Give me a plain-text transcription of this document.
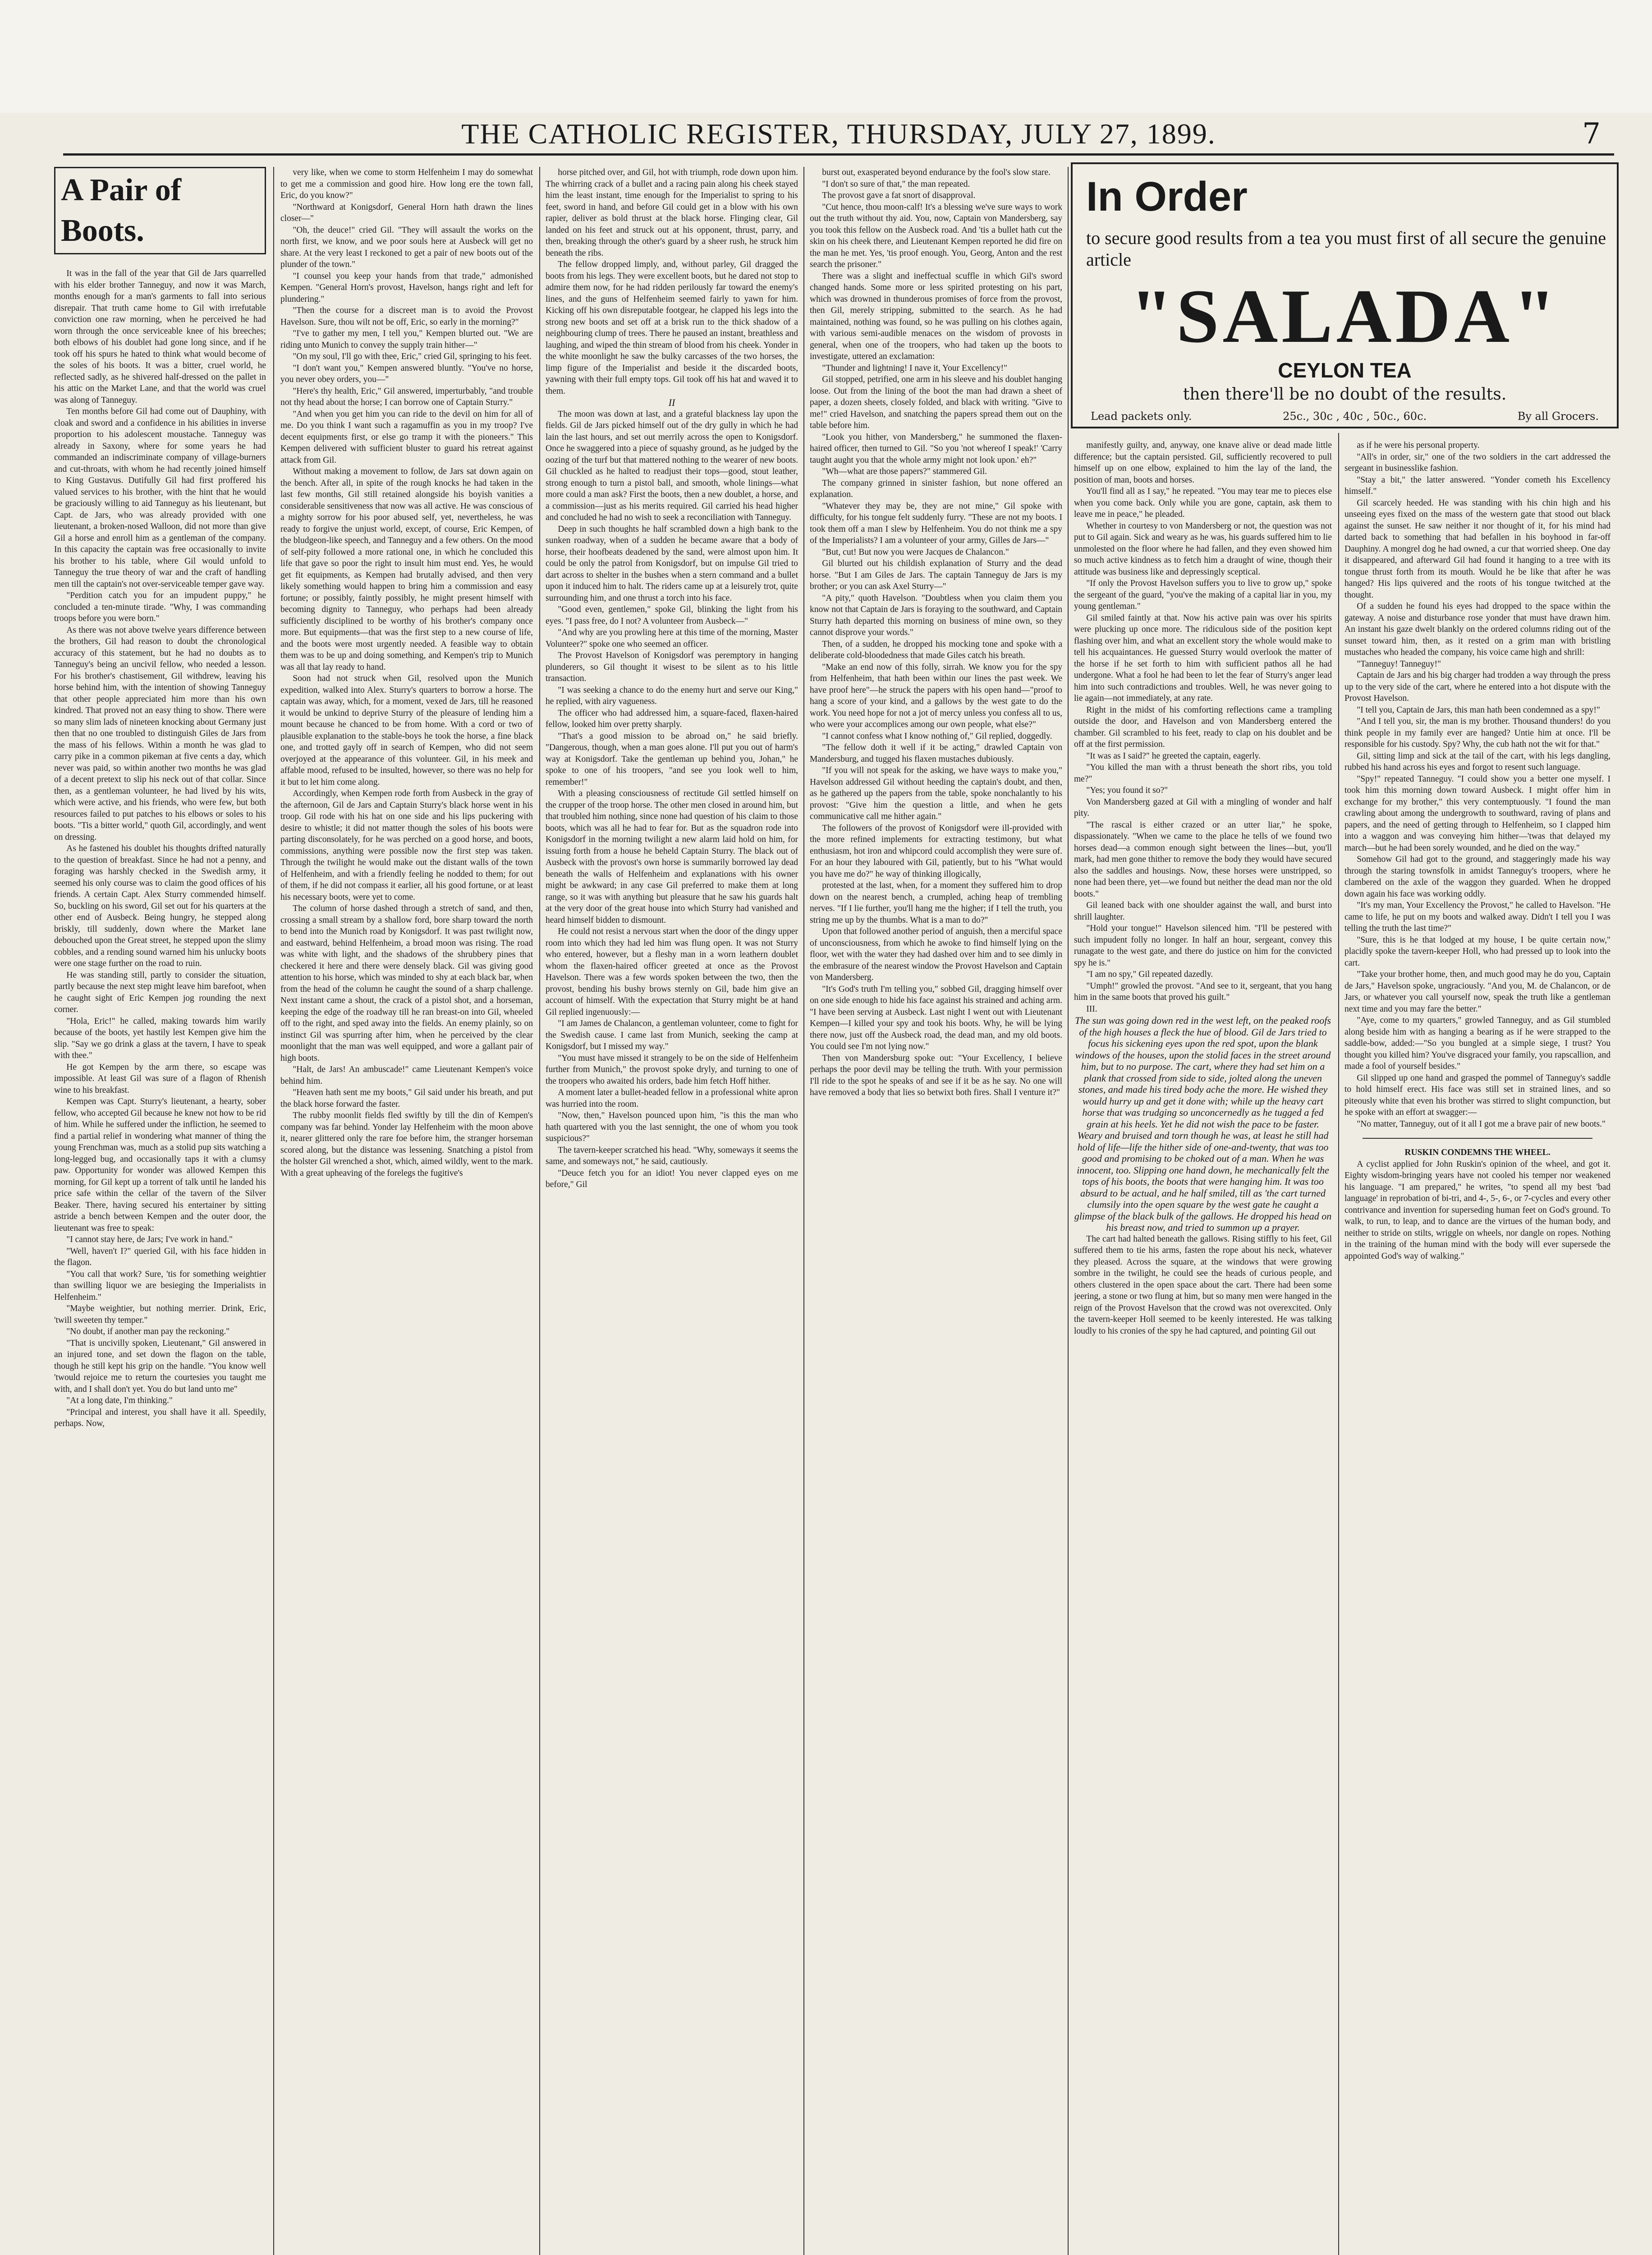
THE CATHOLIC REGISTER, THURSDAY, JULY 27, 1899.	7
A Pair of Boots.

It was in the fall of the year that Gil de Jars quarrelled with his elder brother Tanneguy, and now it was March, months enough for a man's garments to fall into serious disrepair. That truth came home to Gil with irrefutable conviction one raw morning, when he perceived he had worn through the once serviceable knee of his breeches; both elbows of his doublet had gone long since, and if he took off his spurs he hated to think what would become of the soles of his boots. It was a bitter, cruel world, he reflected sadly, as he shivered half-dressed on the pallet in his attic on the Market Lane, and that the world was cruel was along of Tanneguy.

Ten months before Gil had come out of Dauphiny, with cloak and sword and a confidence in his abilities in inverse proportion to his adolescent moustache. Tanneguy was already in Saxony, where for some years he had commanded an indiscriminate company of village-burners and cut-throats, with whom he had recently joined himself to King Gustavus. Dutifully Gil had first proffered his valued services to his brother, with the hint that he would be graciously willing to aid Tanneguy as his lieutenant, but Capt. de Jars, who was already provided with one lieutenant, a broken-nosed Walloon, did not more than give Gil a horse and enroll him as a gentleman of the company. In this capacity the captain was free occasionally to invite his brother to his table, where Gil would unfold to Tanneguy the true theory of war and the craft of handling men till the captain's not over-serviceable temper gave way.

"Perdition catch you for an impudent puppy," he concluded a ten-minute tirade. "Why, I was commanding troops before you were born."

As there was not above twelve years difference between the brothers, Gil had reason to doubt the chronological accuracy of this statement, but he had no doubts as to Tanneguy's being an uncivil fellow, who needed a lesson. For his brother's chastisement, Gil withdrew, leaving his horse behind him, with the intention of showing Tanneguy that other people appreciated him more than his own kindred. That proved not an easy thing to show. There were so many slim lads of nineteen knocking about Germany just then that no one troubled to distinguish Giles de Jars from the mass of his fellows. Within a month he was glad to carry pike in a common pikeman at five cents a day, which never was paid, so within another two months he was glad of a decent pretext to slip his neck out of that collar. Since then, as a gentleman volunteer, he had lived by his wits, which were active, and his friends, who were few, but both resources failed to put patches to his elbows or soles to his boots. "Tis a bitter world," quoth Gil, accordingly, and went on dressing.

As he fastened his doublet his thoughts drifted naturally to the question of breakfast. Since he had not a penny, and foraging was harshly checked in the Swedish army, it seemed his only course was to claim the good offices of his friends. A certain Capt. Alex Sturry commended himself. So, buckling on his sword, Gil set out for his quarters at the other end of Ausbeck. Being hungry, he stepped along briskly, till suddenly, down where the Market lane debouched upon the Great street, he stepped upon the slimy cobbles, and a rending sound warned him his unlucky boots were one stage further on the road to ruin.

He was standing still, partly to consider the situation, partly because the next step might leave him barefoot, when he caught sight of Eric Kempen jog rounding the next corner.

"Hola, Eric!" he called, making towards him warily because of the boots, yet hastily lest Kempen give him the slip. "Say we go drink a glass at the tavern, I have to speak with thee."

He got Kempen by the arm there, so escape was impossible. At least Gil was sure of a flagon of Rhenish wine to his breakfast.

Kempen was Capt. Sturry's lieutenant, a hearty, sober fellow, who accepted Gil because he knew not how to be rid of him. While he suffered under the infliction, he seemed to find a partial relief in wondering what manner of thing the young Frenchman was, much as a stolid pup sits watching a long-legged bug, and occasionally taps it with a clumsy paw. Opportunity for wonder was allowed Kempen this morning, for Gil kept up a torrent of talk until he landed his price safe within the cellar of the tavern of the Silver Beaker. There, having secured his entertainer by sitting astride a bench between Kempen and the outer door, the lieutenant was free to speak:

"I cannot stay here, de Jars; I've work in hand."

"Well, haven't I?" queried Gil, with his face hidden in the flagon.

"You call that work? Sure, 'tis for something weightier than swilling liquor we are besieging the Imperialists in Helfenheim."

"Maybe weightier, but nothing merrier. Drink, Eric, 'twill sweeten thy temper."

"No doubt, if another man pay the reckoning."

"That is uncivilly spoken, Lieutenant," Gil answered in an injured tone, and set down the flagon on the table, though he still kept his grip on the handle. "You know well 'twould rejoice me to return the courtesies you taught me with, and I shall don't yet. You do but land unto me"

"At a long date, I'm thinking."

"Principal and interest, you shall have it all. Speedily, perhaps. Now,

very like, when we come to storm Helfenheim I may do somewhat to get me a commission and good hire. How long ere the town fall, Eric, do you know?"

"Northward at Konigsdorf, General Horn hath drawn the lines closer—"

"Oh, the deuce!" cried Gil. "They will assault the works on the north first, we know, and we poor souls here at Ausbeck will get no share. At the very least I reckoned to get a pair of new boots out of the plunder of the town."

"I counsel you keep your hands from that trade," admonished Kempen. "General Horn's provost, Havelson, hangs right and left for plundering."

"Then the course for a discreet man is to avoid the Provost Havelson. Sure, thou wilt not be off, Eric, so early in the morning?"

"I've to gather my men, I tell you," Kempen blurted out. "We are riding unto Munich to convey the supply train hither—"

"On my soul, I'll go with thee, Eric," cried Gil, springing to his feet.

"I don't want you," Kempen answered bluntly. "You've no horse, you never obey orders, you—"

"Here's thy health, Eric," Gil answered, imperturbably, "and trouble not thy head about the horse; I can borrow one of Captain Sturry."

"And when you get him you can ride to the devil on him for all of me. Do you think I want such a ragamuffin as you in my troop? I've decent equipments first, or else go tramp it with the pioneers." This Kempen delivered with sufficient bluster to guard his retreat against attack from Gil.

Without making a movement to follow, de Jars sat down again on the bench. After all, in spite of the rough knocks he had taken in the last few months, Gil still retained alongside his boyish vanities a considerable sensitiveness that now was all active. He was conscious of a mighty sorrow for his poor abused self, yet, nevertheless, he was ready to forgive the unjust world, except, of course, Eric Kempen, of the bludgeon-like speech, and Tanneguy and a few others. On the mood of self-pity followed a more rational one, in which he concluded this life that gave so poor the right to insult him must end. Yes, he would get fit equipments, as Kempen had brutally advised, and then very likely something would happen to bring him a commission and easy fortune; or possibly, faintly possibly, he might present himself with becoming dignity to Tanneguy, who perhaps had been already sufficiently disciplined to be worthy of his brother's company once more. But equipments—that was the first step to a new course of life, and the boots were most urgently needed. A feasible way to obtain them was to be up and doing something, and Kempen's trip to Munich was all that lay ready to hand.

Soon had not struck when Gil, resolved upon the Munich expedition, walked into Alex. Sturry's quarters to borrow a horse. The captain was away, which, for a moment, vexed de Jars, till he reasoned it would be unkind to deprive Sturry of the pleasure of lending him a mount because he chanced to be from home. With a cord or two of plausible explanation to the stable-boys he took the horse, a fine black one, and trotted gayly off in search of Kempen, who did not seem overjoyed at the appearance of this volunteer. Gil, in his meek and affable mood, refused to be insulted, however, so there was no help for it but to let him come along.

Accordingly, when Kempen rode forth from Ausbeck in the gray of the afternoon, Gil de Jars and Captain Sturry's black horse went in his troop. Gil rode with his hat on one side and his lips puckering with desire to whistle; it did not matter though the soles of his boots were parting disconsolately, for he was perched on a good horse, and boots, commissions, anything were possible now the first step was taken. Through the twilight he would make out the distant walls of the town of Helfenheim, and with a friendly feeling he nodded to them; for out of them, if he did not compass it earlier, all his good fortune, or at least his necessary boots, were yet to come.

The column of horse dashed through a stretch of sand, and then, crossing a small stream by a shallow ford, bore sharp toward the north to bend into the Munich road by Konigsdorf. It was past twilight now, and eastward, behind Helfenheim, a broad moon was rising. The road was white with light, and the shadows of the shrubbery pines that checkered it here and there were densely black. Gil was giving good attention to his horse, which was minded to shy at each black bar, when from the head of the column he caught the sound of a sharp challenge. Next instant came a shout, the crack of a pistol shot, and a horseman, keeping the edge of the roadway till he ran breast-on into Gil, wheeled off to the right, and sped away into the fields. An enemy plainly, so on instinct Gil was spurring after him, when he perceived by the clear moonlight that the man was well equipped, and wore a gallant pair of high boots.

"Halt, de Jars! An ambuscade!" came Lieutenant Kempen's voice behind him.

"Heaven hath sent me my boots," Gil said under his breath, and put the black horse forward the faster.

The rubby moonlit fields fled swiftly by till the din of Kempen's company was far behind. Yonder lay Helfenheim with the moon above it, nearer glittered only the rare foe before him, the stranger horseman scored along, but the distance was lessening. Snatching a pistol from the holster Gil wrenched a shot, which, aimed wildly, went to the mark. With a great upheaving of the forelegs the fugitive's

horse pitched over, and Gil, hot with triumph, rode down upon him. The whirring crack of a bullet and a racing pain along his cheek stayed him the least instant, time enough for the Imperialist to spring to his feet, sword in hand, and before Gil could get in a blow with his own rapier, deliver as bold thrust at the black horse. Flinging clear, Gil landed on his feet and struck out at his opponent, thrust, parry, and then, breaking through the other's guard by a sheer rush, he struck him beneath the ribs.

The fellow dropped limply, and, without parley, Gil dragged the boots from his legs. They were excellent boots, but he dared not stop to admire them now, for he had ridden perilously far toward the enemy's lines, and the guns of Helfenheim seemed fairly to yawn for him. Kicking off his own disreputable footgear, he clapped his legs into the strong new boots and set off at a brisk run to the thick shadow of a neighbouring clump of trees. There he paused an instant, breathless and laughing, and wiped the thin stream of blood from his cheek. Yonder in the white moonlight he saw the bulky carcasses of the two horses, the limp figure of the Imperialist and beside it the discarded boots, yawning with their full empty tops. Gil took off his hat and waved it to them.

II

The moon was down at last, and a grateful blackness lay upon the fields. Gil de Jars picked himself out of the dry gully in which he had lain the last hours, and set out merrily across the open to Konigsdorf. Once he swaggered into a piece of squashy ground, as he judged by the oozing of the turf but that mattered nothing to the wearer of new boots. Gil chuckled as he halted to readjust their tops—good, stout leather, strong enough to turn a pistol ball, and smooth, whole linings—what more could a man ask? First the boots, then a new doublet, a horse, and a commission—just as his merits required. Gil carried his head higher and concluded he had no wish to seek a reconciliation with Tanneguy.

Deep in such thoughts he half scrambled down a high bank to the sunken roadway, when of a sudden he became aware that a body of horse, their hoofbeats deadened by the sand, were almost upon him. It could be only the patrol from Konigsdorf, but on impulse Gil tried to dart across to shelter in the bushes when a stern command and a bullet upon it induced him to halt. The riders came up at a leisurely trot, quite surrounding him, and one thrust a torch into his face.

"Good even, gentlemen," spoke Gil, blinking the light from his eyes. "I pass free, do I not? A volunteer from Ausbeck—"

"And why are you prowling here at this time of the morning, Master Volunteer?" spoke one who seemed an officer.

The Provost Havelson of Konigsdorf was peremptory in hanging plunderers, so Gil thought it wisest to be silent as to his little transaction.

"I was seeking a chance to do the enemy hurt and serve our King," he replied, with airy vagueness.

The officer who had addressed him, a square-faced, flaxen-haired fellow, looked him over pretty sharply.

"That's a good mission to be abroad on," he said briefly. "Dangerous, though, when a man goes alone. I'll put you out of harm's way at Konigsdorf. Take the gentleman up behind you, Johan," he spoke to one of his troopers, "and see you look well to him, remember!"

With a pleasing consciousness of rectitude Gil settled himself on the crupper of the troop horse. The other men closed in around him, but that troubled him nothing, since none had question of his claim to those boots, which was all he had to fear for. But as the squadron rode into Konigsdorf in the morning twilight a new alarm laid hold on him, for issuing forth from a house he beheld Captain Sturry. The black out of Ausbeck with the provost's own horse is summarily borrowed lay dead beneath the walls of Helfenheim and explanations with his owner might be awkward; in any case Gil preferred to make them at long range, so it was with anything but pleasure that he saw his guards halt at the very door of the great house into which Sturry had vanished and heard himself bidden to dismount.

He could not resist a nervous start when the door of the dingy upper room into which they had led him was flung open. It was not Sturry who entered, however, but a fleshy man in a worn leathern doublet whom the flaxen-haired officer greeted at once as the Provost Havelson. There was a few words spoken between the two, then the provost, bending his bushy brows sternly on Gil, bade him give an account of himself. With the expectation that Sturry might be at hand Gil replied ingenuously:—

"I am James de Chalancon, a gentleman volunteer, come to fight for the Swedish cause. I came last from Munich, seeking the camp at Konigsdorf, but I missed my way."

"You must have missed it strangely to be on the side of Helfenheim further from Munich," the provost spoke dryly, and turning to one of the troopers who awaited his orders, bade him fetch Hoff hither.

A moment later a bullet-headed fellow in a professional white apron was hurried into the room.

"Now, then," Havelson pounced upon him, "is this the man who hath quartered with you the last sennight, the one of whom you took suspicious?"

The tavern-keeper scratched his head. "Why, someways it seems the same, and someways not," he said, cautiously.

"Deuce fetch you for an idiot! You never clapped eyes on me before," Gil

burst out, exasperated beyond endurance by the fool's slow stare.

"I don't so sure of that," the man repeated.

The provost gave a fat snort of disapproval.

"Cut hence, thou moon-calf! It's a blessing we've sure ways to work out the truth without thy aid. You, now, Captain von Mandersberg, say you took this fellow on the Ausbeck road. And 'tis a bullet hath cut the skin on his cheek there, and Lieutenant Kempen reported he did fire on the man he met. Yes, 'tis proof enough. You, Georg, Anton and the rest search the prisoner."

There was a slight and ineffectual scuffle in which Gil's sword changed hands. Some more or less spirited protesting on his part, which was drowned in thunderous promises of force from the provost, then Gil, merely stripping, submitted to the search. As he had maintained, nothing was found, so he was pulling on his clothes again, with various semi-audible menaces on the wisdom of provosts in general, when one of the troopers, who had taken up the boots to investigate, uttered an exclamation:

"Thunder and lightning! I nave it, Your Excellency!"

Gil stopped, petrified, one arm in his sleeve and his doublet hanging loose. Out from the lining of the boot the man had drawn a sheet of paper, a dozen sheets, closely folded, and black with writing. "Give to me!" cried Havelson, and snatching the papers spread them out on the table before him.

"Look you hither, von Mandersberg," he summoned the flaxen-haired officer, then turned to Gil. "So you 'not whereof I speak!' 'Carry taught aught you that the whole army might not look upon.' eh?"

"Wh—what are those papers?" stammered Gil.

The company grinned in sinister fashion, but none offered an explanation.

"Whatever they may be, they are not mine," Gil spoke with difficulty, for his tongue felt suddenly furry. "These are not my boots. I took them off a man I slew by Helfenheim. You do not think me a spy of the Imperialists? I am a volunteer of your army, Gilles de Jars—"

"But, cut! But now you were Jacques de Chalancon."

Gil blurted out his childish explanation of Sturry and the dead horse. "But I am Giles de Jars. The captain Tanneguy de Jars is my brother; or you can ask Axel Sturry—"

"A pity," quoth Havelson. "Doubtless when you claim them you know not that Captain de Jars is foraying to the southward, and Captain Sturry hath departed this morning on business of mine own, so they cannot disprove your words."

Then, of a sudden, he dropped his mocking tone and spoke with a deliberate cold-bloodedness that made Giles catch his breath.

"Make an end now of this folly, sirrah. We know you for the spy from Helfenheim, that hath been within our lines the past week. We have proof here"—he struck the papers with his open hand—"proof to hang a score of your kind, and a gallows by the west gate to do the work. You need hope for not a jot of mercy unless you confess all to us, who were your accomplices among our own people, what else?"

"I cannot confess what I know nothing of," Gil replied, doggedly.

"The fellow doth it well if it be acting," drawled Captain von Mandersburg, and tugged his flaxen mustaches dubiously.

"If you will not speak for the asking, we have ways to make you," Havelson addressed Gil without heeding the captain's doubt, and then, as he gathered up the papers from the table, spoke nonchalantly to his provost: "Give him the question a little, and when he gets communicative call me hither again."

The followers of the provost of Konigsdorf were ill-provided with the more refined implements for extracting testimony, but what enthusiasm, hot iron and whipcord could accomplish they were sure of. For an hour they laboured with Gil, patiently, but to his "What would you have me do?" he way of thinking illogically,

protested at the last, when, for a moment they suffered him to drop down on the nearest bench, a crumpled, aching heap of trembling nerves. "If I lie further, you'll hang me the higher; if I tell the truth, you string me up by the thumbs. What is a man to do?"

Upon that followed another period of anguish, then a merciful space of unconsciousness, from which he awoke to find himself lying on the floor, wet with the water they had dashed over him and to see dimly in the embrasure of the nearest window the Provost Havelson and Captain von Mandersberg.

"It's God's truth I'm telling you," sobbed Gil, dragging himself over on one side enough to hide his face against his strained and aching arm. "I have been serving at Ausbeck. Last night I went out with Lieutenant Kempen—I killed your spy and took his boots. Why, he will be lying there now, just off the Ausbeck road, the dead man, and my old boots. You could see I'm not lying now."

Then von Mandersburg spoke out: "Your Excellency, I believe perhaps the poor devil may be telling the truth. With your permission I'll ride to the spot he speaks of and see if it be as he say. No one will have removed a body that lies so betwixt both fires. Shall I venture it?"

In Order
to secure good results from a tea you must first of all secure the genuine article
"SALADA"
CEYLON TEA
then there'll be no doubt of the results.
Lead packets only.	25c., 30c , 40c , 50c., 60c.	By all Grocers.

manifestly guilty, and, anyway, one knave alive or dead made little difference; but the captain persisted. Gil, sufficiently recovered to pull himself up on one elbow, explained to him the lay of the land, the position of man, boots and horses.

You'll find all as I say," he repeated. "You may tear me to pieces else when you come back. Only while you are gone, captain, ask them to leave me in peace," he pleaded.

Whether in courtesy to von Mandersberg or not, the question was not put to Gil again. Sick and weary as he was, his guards suffered him to lie unmolested on the floor where he had fallen, and they even showed him so much active kindness as to fetch him a draught of wine, though their attitude was business like and depressingly sceptical.

"If only the Provost Havelson suffers you to live to grow up," spoke the sergeant of the guard, "you've the making of a capital liar in you, my young gentleman."

Gil smiled faintly at that. Now his active pain was over his spirits were plucking up once more. The ridiculous side of the position kept flashing over him, and what an excellent story the whole would make to tell his acquaintances. He guessed Sturry would overlook the matter of the horse if he set forth to him with sufficient pathos all he had undergone. What a fool he had been to let the fear of Sturry's anger lead him into such contradictions and troubles. Well, he was never going to lie again—not immediately, at any rate.

Right in the midst of his comforting reflections came a trampling outside the door, and Havelson and von Mandersberg entered the chamber. Gil scrambled to his feet, ready to clap on his doublet and be off at the first permission.

"It was as I said?" he greeted the captain, eagerly.

"You killed the man with a thrust beneath the short ribs, you told me?"

"Yes; you found it so?"

Von Mandersberg gazed at Gil with a mingling of wonder and half pity.

"The rascal is either crazed or an utter liar," he spoke, dispassionately. "When we came to the place he tells of we found two horses dead—a common enough sight between the lines—but, you'll mark, had men gone thither to remove the body they would have secured also the saddles and housings. Now, these horses were unstripped, so none had been there, yet—we found but neither the dead man nor the old boots."

Gil leaned back with one shoulder against the wall, and burst into shrill laughter.

"Hold your tongue!" Havelson silenced him. "I'll be pestered with such impudent folly no longer. In half an hour, sergeant, convey this runagate to the west gate, and there do justice on him for the convicted spy he is."

"I am no spy," Gil repeated dazedly.

"Umph!" growled the provost. "And see to it, sergeant, that you hang him in the same boots that proved his guilt."

III.

The sun was going down red in the west left, on the peaked roofs of the high houses a fleck the hue of blood. Gil de Jars tried to focus his sickening eyes upon the red spot, upon the blank windows of the houses, upon the stolid faces in the street around him, but to no purpose. The cart, where they had set him on a plank that crossed from side to side, jolted along the uneven stones, and made his tired body ache the more. He wished they would hurry up and get it done with; while up the heavy cart horse that was trudging so unconcernedly as he tugged a fed grain at his heels. Yet he did not wish the pace to be faster. Weary and bruised and torn though he was, at least he still had hold of life—life the hither side of one-and-twenty, that was too good and promising to be choked out of a man. When he was innocent, too. Slipping one hand down, he mechanically felt the tops of his boots, the boots that were hanging him. It was too absurd to be actual, and he half smiled, till as 'the cart turned clumsily into the open square by the west gate he caught a glimpse of the black bulk of the gallows. He dropped his head on his breast now, and tried to summon up a prayer.

The cart had halted beneath the gallows. Rising stiffly to his feet, Gil suffered them to tie his arms, fasten the rope about his neck, whatever they pleased. Across the square, at the windows that were growing sombre in the twilight, he could see the heads of curious people, and others clustered in the open space about the cart. There had been some jeering, a stone or two flung at him, but so many men were hanged in the reign of the Provost Havelson that the crowd was not overexcited. Only the tavern-keeper Holl seemed to be keenly interested. He was talking loudly to his cronies of the spy he had captured, and pointing Gil out

as if he were his personal property.

"All's in order, sir," one of the two soldiers in the cart addressed the sergeant in businesslike fashion.

"Stay a bit," the latter answered. "Yonder cometh his Excellency himself."

Gil scarcely heeded. He was standing with his chin high and his unseeing eyes fixed on the mass of the western gate that stood out black against the sunset. He saw neither it nor thought of it, for his mind had darted back to something that had befallen in his boyhood in far-off Dauphiny. A mongrel dog he had owned, a cur that worried sheep. One day it disappeared, and afterward Gil had found it hanging to a tree with its tongue thrust forth from its mouth. Would he be like that after he was hanged? His lips quivered and the roots of his tongue twitched at the thought.

Of a sudden he found his eyes had dropped to the space within the gateway. A noise and disturbance rose yonder that must have drawn him. An instant his gaze dwelt blankly on the ordered columns riding out of the sunset toward him, then, as it rested on a grim man with bristling mustaches who headed the company, his voice came high and shrill:

"Tanneguy! Tanneguy!"

Captain de Jars and his big charger had trodden a way through the press up to the very side of the cart, where he entered into a hot dispute with the Provost Havelson.

"I tell you, Captain de Jars, this man hath been condemned as a spy!"

"And I tell you, sir, the man is my brother. Thousand thunders! do you think people in my family ever are hanged? Untie him at once. I'll be responsible for his custody. Spy? Why, the cub hath not the wit for that."

Gil, sitting limp and sick at the tail of the cart, with his legs dangling, rubbed his hand across his eyes and forgot to resent such language.

"Spy!" repeated Tanneguy. "I could show you a better one myself. I took him this morning down toward Ausbeck. I might offer him in exchange for my brother," this very contemptuously. "I found the man crawling about among the undergrowth to southward, raving of plans and papers, and the need of getting through to Helfenheim, so I clapped him into a waggon and was conveying him hither—'twas that delayed my march—but he had been sorely wounded, and he died on the way."

Somehow Gil had got to the ground, and staggeringly made his way through the staring townsfolk in amidst Tanneguy's troopers, where he clambered on the axle of the waggon they guarded. When he dropped down again his face was working oddly.

"It's my man, Your Excellency the Provost," he called to Havelson. "He came to life, he put on my boots and walked away. Didn't I tell you I was telling the truth the last time?"

"Sure, this is he that lodged at my house, I be quite certain now," placidly spoke the tavern-keeper Holl, who had pressed up to look into the cart.

"Take your brother home, then, and much good may he do you, Captain de Jars," Havelson spoke, ungraciously. "And you, M. de Chalancon, or de Jars, or whatever you call yourself now, speak the truth like a gentleman next time and you may fare the better."

"Aye, come to my quarters," growled Tanneguy, and as Gil stumbled along beside him with as hanging a bearing as if he were strapped to the saddle-bow, added:—"So you bungled at a simple siege, I trust? You thought you killed him? You've disgraced your family, you rapscallion, and made a fool of yourself besides."

Gil slipped up one hand and grasped the pommel of Tanneguy's saddle to hold himself erect. His face was still set in strained lines, and so piteously white that even his brother was stirred to slight compunction, but he spoke with an effort at swagger:—

"No matter, Tanneguy, out of it all I got me a brave pair of new boots."

RUSKIN CONDEMNS THE WHEEL.

A cyclist applied for John Ruskin's opinion of the wheel, and got it. Eighty wisdom-bringing years have not cooled his temper nor weakened his language. "I am prepared," he writes, "to spend all my best 'bad language' in reprobation of bi-tri, and 4-, 5-, 6-, or 7-cycles and every other contrivance and invention for superseding human feet on God's ground. To walk, to run, to leap, and to dance are the virtues of the human body, and neither to stride on stilts, wriggle on wheels, nor dangle on ropes. Nothing in the training of the human mind with the body will ever supersede the appointed God's way of walking."
